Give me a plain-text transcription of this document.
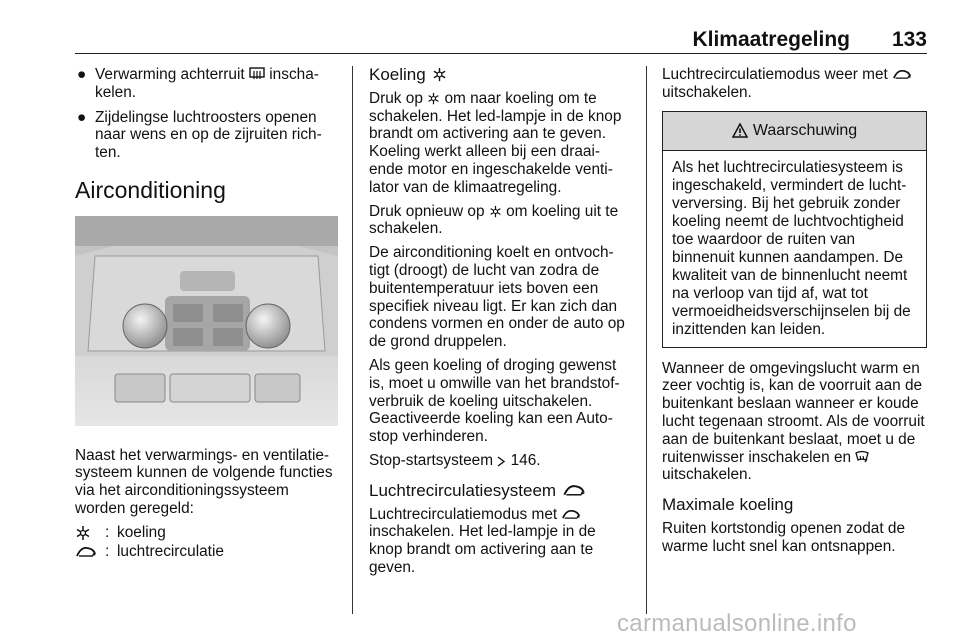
Klimaatregeling 133
● Verwarming achterruit inscha-kelen.
● Zijdelingse luchtroosters openen naar wens en op de zijruiten rich-ten.
Airconditioning

Naast het verwarmings- en ventilatie-systeem kunnen de volgende functies via het airconditioningssysteem worden geregeld:

: koeling
: luchtrecirculatie
Koeling

Druk op om naar koeling om te schakelen. Het led-lampje in de knop brandt om activering aan te geven. Koeling werkt alleen bij een draai-ende motor en ingeschakelde venti-lator van de klimaatregeling.

Druk opnieuw op om koeling uit te schakelen.

De airconditioning koelt en ontvoch-tigt (droogt) de lucht van zodra de buitentemperatuur iets boven een specifiek niveau ligt. Er kan zich dan condens vormen en onder de auto op de grond druppelen.

Als geen koeling of droging gewenst is, moet u omwille van het brandstof-verbruik de koeling uitschakelen. Geactiveerde koeling kan een Auto-stop verhinderen.

Stop-startsysteem 146.

Luchtrecirculatiesysteem

Luchtrecirculatiemodus met  inschakelen. Het led-lampje in de knop brandt om activering aan te geven.

Luchtrecirculatiemodus weer met  uitschakelen.

Waarschuwing
Als het luchtrecirculatiesysteem is ingeschakeld, vermindert de lucht-verversing. Bij het gebruik zonder koeling neemt de luchtvochtigheid toe waardoor de ruiten van binnenuit kunnen aandampen. De kwaliteit van de binnenlucht neemt na verloop van tijd af, wat tot vermoeidheidsverschijnselen bij de inzittenden kan leiden.

Wanneer de omgevingslucht warm en zeer vochtig is, kan de voorruit aan de buitenkant beslaan wanneer er koude lucht tegenaan stroomt. Als de voorruit aan de buitenkant beslaat, moet u de ruitenwisser inschakelen en  uitschakelen.

Maximale koeling

Ruiten kortstondig openen zodat de warme lucht snel kan ontsnappen.

carmanualsonline.info
